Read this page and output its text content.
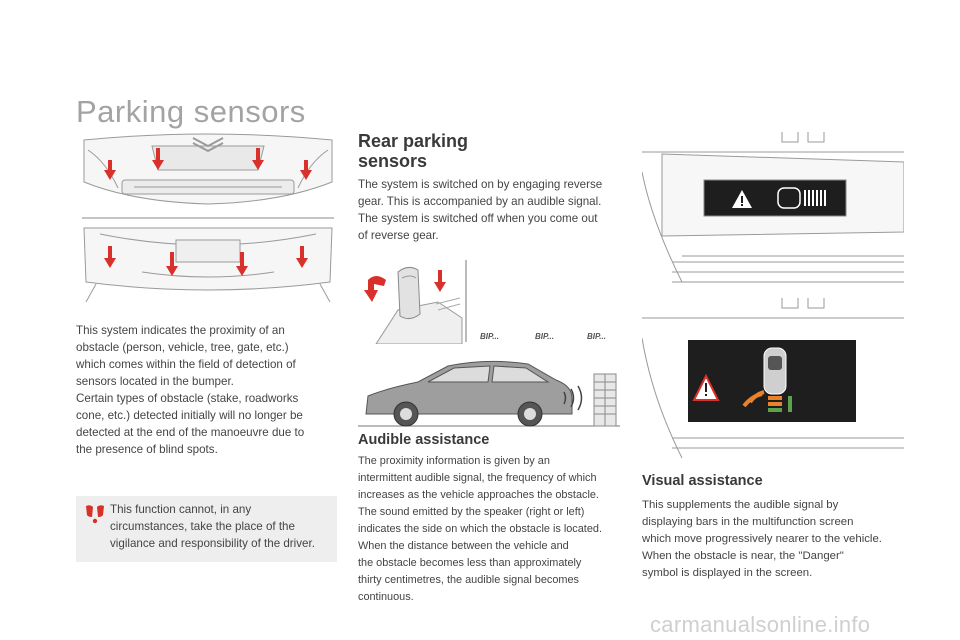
Parking sensors

This system indicates the proximity of an

obstacle (person, vehicle, tree, gate, etc.)

which comes within the field of detection of

sensors located in the bumper.

Certain types of obstacle (stake, roadworks

cone, etc.) detected initially will no longer be

detected at the end of the manoeuvre due to

the presence of blind spots.

This function cannot, in any

circumstances, take the place of the

vigilance and responsibility of the driver.

Rear parking
sensors

The system is switched on by engaging reverse

gear. This is accompanied by an audible signal.

The system is switched off when you come out

of reverse gear.

BIP...	BIP...	BIP...
Audible assistance

The proximity information is given by an

intermittent audible signal, the frequency of which

increases as the vehicle approaches the obstacle.

The sound emitted by the speaker (right or left)

indicates the side on which the obstacle is located.

When the distance between the vehicle and

the obstacle becomes less than approximately

thirty centimetres, the audible signal becomes

continuous.

Visual assistance

This supplements the audible signal by

displaying bars in the multifunction screen

which move progressively nearer to the vehicle.

When the obstacle is near, the "Danger"

symbol is displayed in the screen.

carmanualsonline.info
